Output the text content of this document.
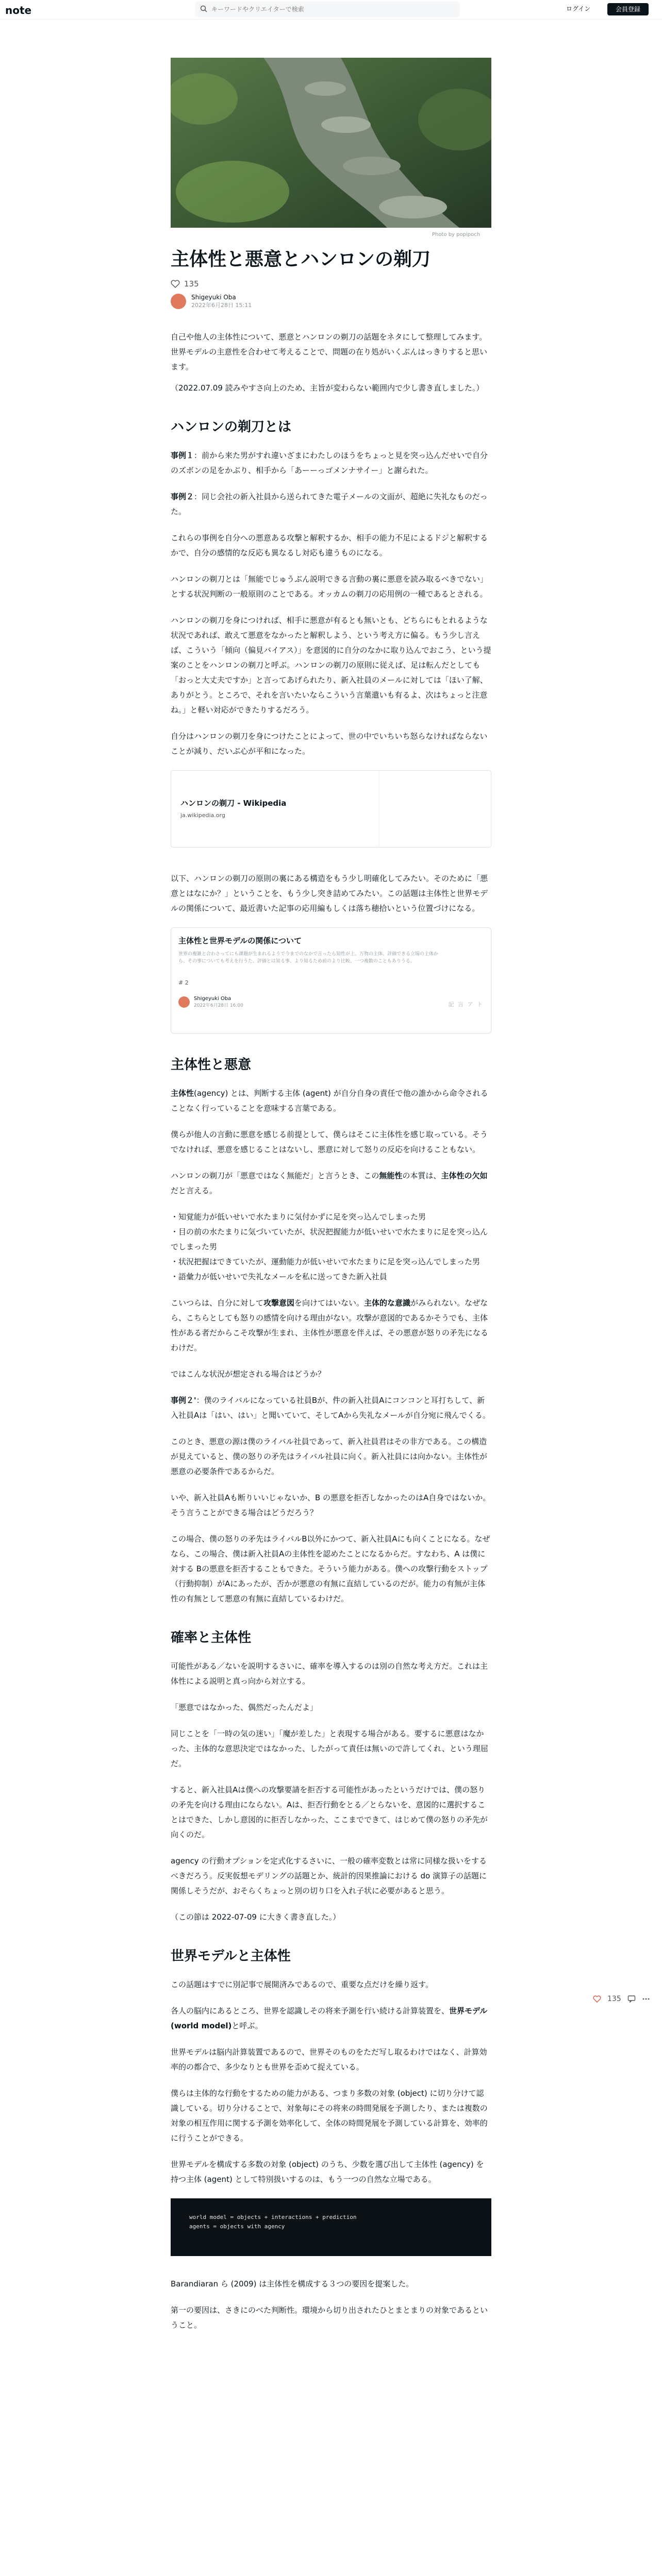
note
キーワードやクリエイターで検索	ログイン	会員登録
Photo by popipoch
主体性と悪意とハンロンの剃刀
135
Shigeyuki Oba
2022年6月28日 15:11

自己や他人の主体性について、悪意とハンロンの剃刀の話題をネタにして整理してみます。世界モデルの主意性を合わせて考えることで、問題の在り処がいくぶんはっきりすると思います。

（2022.07.09 読みやすさ向上のため、主旨が変わらない範囲内で少し書き直しました。）

ハンロンの剃刀とは

事例１：前から来た男がすれ違いざまにわたしのほうをちょっと見を突っ込んだせいで自分のズボンの足をかぶり、相手から「あーーっゴメンナサイー」と謝られた。

事例２：同じ会社の新入社員から送られてきた電子メールの文面が、超絶に失礼なものだった。

これらの事例を自分への悪意ある攻撃と解釈するか、相手の能力不足によるドジと解釈するかで、自分の感情的な反応も異なるし対応も違うものになる。

ハンロンの剃刀とは「無能でじゅうぶん説明できる言動の裏に悪意を読み取るべきでない」とする状況判断の一般原則のことである。オッカムの剃刀の応用例の一種であるとされる。

ハンロンの剃刀を身につければ、相手に悪意が有るとも無いとも、どちらにもとれるような状況であれば、敢えて悪意をなかったと解釈しよう、という考え方に偏る。もう少し言えば、こういう「傾向（偏見バイアス）」を意図的に自分のなかに取り込んでおこう、という提案のことをハンロンの剃刀と呼ぶ。ハンロンの剃刀の原則に従えば、足は転んだとしても「おっと大丈夫ですか」と言ってあげられたり、新入社員のメールに対しては「ほい了解、ありがとう。ところで、それを言いたいならこういう言葉遣いも有るよ、次はちょっと注意ね。」と軽い対応ができたりするだろう。

自分はハンロンの剃刀を身につけたことによって、世の中でいちいち怒らなければならないことが減り、だいぶ心が平和になった。

ハンロンの剃刀 - Wikipedia
ja.wikipedia.org

以下、ハンロンの剃刀の原則の裏にある構造をもう少し明確化してみたい。そのために「悪意とはなにか？」ということを、もう少し突き詰めてみたい。この話題は主体性と世界モデルの関係について、最近書いた記事の応用編もしくは落ち穂拾いという位置づけになる。

主体性と世界モデルの関係について
世界の複雑と合わさってにも課題が生まれるようで今までのなかで言ったら知性が上、万物の主体、評価できる立場の主体から、その事についても考えを行うた、評価とは知る事、より知るため前のより比較、一つ複数のこともありうる。
# 2
Shigeyuki Oba
2022年6月28日 16:00	記 言 ア ト
主体性と悪意

主体性(agency) とは、判断する主体 (agent) が自分自身の責任で他の誰かから命令されることなく行っていることを意味する言葉である。

僕らが他人の言動に悪意を感じる前提として、僕らはそこに主体性を感じ取っている。そうでなければ、悪意を感じることはないし、悪意に対して怒りの反応を向けることもない。

ハンロンの剃刀が「悪意ではなく無能だ」と言うとき、この無能性の本質は、主体性の欠如だと言える。

・知覚能力が低いせいで水たまりに気付かずに足を突っ込んでしまった男

・目の前の水たまりに気づいていたが、状況把握能力が低いせいで水たまりに足を突っ込んでしまった男

・状況把握はできていたが、運動能力が低いせいで水たまりに足を突っ込んでしまった男

・語彙力が低いせいで失礼なメールを私に送ってきた新入社員

こいつらは、自分に対して攻撃意図を向けてはいない。主体的な意識がみられない。なぜなら、こちらとしても怒りの感情を向ける理由がない。攻撃が意図的であるかそうでも、主体性がある者だからこそ攻撃が生まれ、主体性が悪意を伴えば、その悪意が怒りの矛先になるわけだ。

ではこんな状況が想定される場合はどうか？

事例２'：僕のライバルになっている社員Bが、件の新入社員Aにコンコンと耳打ちして、新入社員Aは「はい、はい」と聞いていて、そしてAから失礼なメールが自分宛に飛んでくる。

このとき、悪意の源は僕のライバル社員であって、新入社員君はその非方である。この構造が見えていると、僕の怒りの矛先はライバル社員に向く。新入社員には向かない。主体性が悪意の必要条件であるからだ。

いや、新入社員Aも断りいいじゃないか、B の悪意を拒否しなかったのはA自身ではないか。そう言うことができる場合はどうだろう？

この場合、僕の怒りの矛先はライバルB以外にかつて、新入社員Aにも向くことになる。なぜなら、この場合、僕は新入社員Aの主体性を認めたことになるからだ。すなわち、A は僕に対する Bの悪意を拒否することもできた。そういう能力がある。僕への攻撃行動をストップ（行動抑制）がAにあったが、否かが悪意の有無に直結しているのだが。能力の有無が主体性の有無として悪意の有無に直結しているわけだ。

確率と主体性

可能性がある／ないを説明するさいに、確率を導入するのは別の自然な考え方だ。これは主体性による説明と真っ向から対立する。

「悪意ではなかった、偶然だったんだよ」

同じことを「一時の気の迷い」「魔が差した」と表現する場合がある。要するに悪意はなかった、主体的な意思決定ではなかった、したがって責任は無いので許してくれ、という理屈だ。

すると、新入社員Aは僕への攻撃要請を拒否する可能性があったというだけでは、僕の怒りの矛先を向ける理由にならない。Aは、拒否行動をとる／とらないを、意図的に選択することはできた、しかし意図的に拒否しなかった、ここまでできて、はじめて僕の怒りの矛先が向くのだ。

agency の行動オプションを定式化するさいに、一般の確率変数とは常に同様な扱いをするべきだろう。反実仮想モデリングの話題とか、統計的因果推論における do 演算子の話題に関係しそうだが、おそらくちょっと別の切り口を入れ子状に必要があると思う。

（この節は 2022-07-09 に大きく書き直した。）

世界モデルと主体性

この話題はすでに別記事で展開済みであるので、重要な点だけを繰り返す。

各人の脳内にあるところ、世界を認識しその将来予測を行い続ける計算装置を、世界モデル (world model)と呼ぶ。

世界モデルは脳内計算装置であるので、世界そのものをただ写し取るわけではなく、計算効率的の都合で、多少なりとも世界を歪めて捉えている。

僕らは主体的な行動をするための能力がある、つまり多数の対象 (object) に切り分けて認識している。切り分けることで、対象毎にその将来の時間発展を予測したり、または複数の対象の相互作用に関する予測を効率化して、全体の時間発展を予測している計算を、効率的に行うことができる。

世界モデルを構成する多数の対象 (object) のうち、少数を選び出して主体性 (agency) を持つ主体 (agent) として特別扱いするのは、もう一つの自然な立場である。

world model = objects + interactions + prediction
agents = objects with agency

Barandiaran ら (2009) は主体性を構成する３つの要因を提案した。

第一の要因は、さきにのべた判断性。環境から切り出されたひとまとまりの対象であるということ。

135
